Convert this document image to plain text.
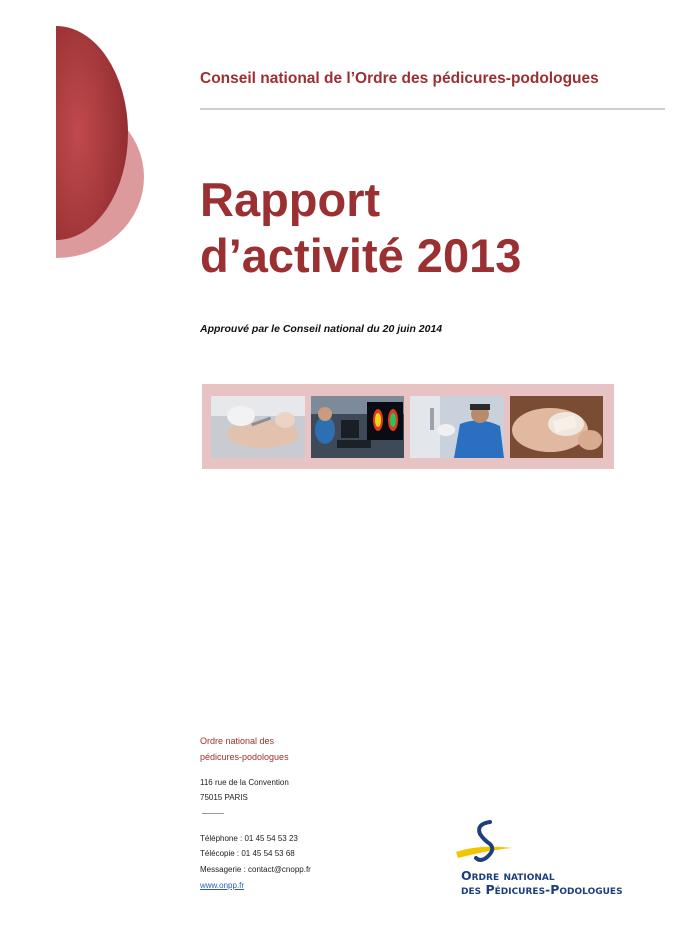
Conseil national de l’Ordre des pédicures-podologues
Rapport
d’activité 2013
Approuvé par le Conseil national du 20 juin 2014
Ordre national des
pédicures-podologues
116 rue de la Convention
75015 PARIS
Téléphone : 01 45 54 53 23
Télécopie : 01 45 54 53 68
Messagerie : contact@cnopp.fr
www.onpp.fr
Ordre national
des Pédicures-Podologues
